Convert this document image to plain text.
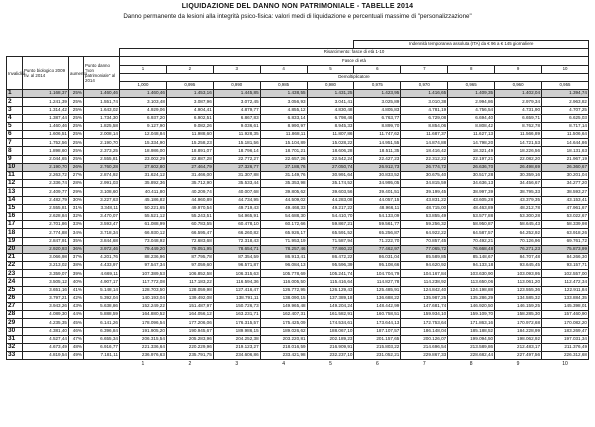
LIQUIDAZIONE DEL DANNO NON PATRIMONIALE - TABELLE 2014
Danno permanente da lesioni alla integrità psico-fisica: valori medi di liquidazione e percentuali massime di "personalizzazione"
									Indennità temporanea assoluta (ITA) da € 96 a € 145 giornaliere				
				Risarcimento: fasce di età 1-10									
Invalidità	Punto biologico 2009 riv. al 2014	aumento	Punto danno "non patrimoniale" al 2014	Fasce di età									
				1	2	3	4	5	6	7	8	9	10
				Demoltiplicatore									
				1,000	0,995	0,990	0,985	0,980	0,975	0,970	0,965	0,960	0,955
1	1.168,37	25%	1.460,46	1.460,46	1.453,16	1.445,85	1.438,55	1.431,25	1.423,95	1.416,65	1.409,35	1.402,04	1.394,74
2	1.241,39	25%	1.551,74	3.103,48	3.087,96	3.072,45	3.056,93	3.041,41	3.025,89	3.010,38	2.994,86	2.979,34	2.963,82
3	1.314,42	25%	1.643,02	4.929,06	4.904,41	4.879,77	4.855,12	4.830,48	4.805,83	4.781,19	4.756,54	4.731,90	4.707,25
4	1.387,44	25%	1.734,30	6.937,20	6.902,51	6.867,83	6.833,14	6.798,46	6.763,77	6.729,08	6.694,40	6.659,71	6.625,03
5	1.460,46	25%	1.825,58	9.127,90	9.082,26	9.036,61	8.990,97	8.945,33	8.899,70	8.854,06	8.808,42	8.762,78	8.717,14
6	1.606,51	25%	2.008,14	12.048,84	11.988,60	11.928,35	11.868,11	11.807,86	11.747,62	11.687,37	11.627,13	11.566,89	11.506,64
7	1.752,56	25%	2.190,70	15.334,90	15.258,23	15.181,56	15.104,89	15.028,22	14.951,55	14.874,88	14.798,20	14.721,53	14.644,86
8	1.898,60	25%	2.373,25	18.986,00	18.891,07	18.796,14	18.701,21	18.606,28	18.511,35	18.416,42	18.321,49	18.226,56	18.131,63
9	2.044,65	25%	2.555,81	23.002,29	22.887,28	22.772,27	22.657,26	22.542,24	22.427,23	22.312,22	22.197,21	22.082,20	21.967,19
10	2.190,70	26%	2.760,28	27.602,80	27.464,79	27.326,77	27.188,76	27.050,74	26.912,73	26.774,72	26.636,70	26.498,69	26.360,67
11	2.263,72	27%	2.874,92	31.624,12	31.466,00	31.307,88	31.149,76	30.991,64	30.833,52	30.675,40	30.517,28	30.359,16	30.201,04
12	2.336,74	28%	2.991,03	35.892,36	35.712,90	35.533,44	35.353,98	35.174,52	34.995,05	34.815,59	34.636,13	34.456,67	34.277,20
13	2.409,77	29%	3.108,60	40.411,80	40.209,74	40.007,68	39.805,62	39.603,56	39.401,51	39.199,45	38.997,39	38.795,33	38.593,27
14	2.482,79	30%	3.227,63	45.186,82	44.960,89	44.734,95	44.509,02	44.283,08	44.057,15	43.831,22	43.605,28	43.379,35	43.153,41
15	2.555,81	31%	3.348,11	50.221,65	49.970,54	49.719,43	49.468,33	49.217,22	48.966,11	48.715,00	48.463,89	48.212,78	47.961,67
16	2.628,84	32%	3.470,07	55.521,12	55.243,51	54.965,91	54.688,30	54.410,70	54.133,09	53.855,49	53.577,88	53.300,28	53.022,67
17	2.701,86	33%	3.593,47	61.088,99	60.783,55	60.478,10	60.172,66	59.867,21	59.561,77	59.256,32	58.950,87	58.645,43	58.339,98
18	2.774,88	34%	3.718,34	66.930,12	66.595,47	66.260,82	65.926,17	65.591,52	65.256,87	64.922,22	64.587,57	64.252,92	63.918,26
19	2.847,91	35%	3.844,68	73.048,92	72.683,68	72.318,43	71.953,19	71.587,94	71.222,70	70.857,45	70.492,21	70.126,96	69.761,72
20	2.920,93	36%	3.972,46	79.449,20	79.051,95	78.654,71	78.257,46	77.860,22	77.462,97	77.065,72	76.668,48	76.271,23	75.873,99
21	3.066,98	37%	4.201,76	88.236,96	87.795,78	87.354,59	86.913,41	86.472,22	86.031,04	85.589,85	85.148,67	84.707,48	84.266,30
22	3.213,02	38%	4.433,97	97.547,34	97.059,60	96.571,87	96.084,13	95.596,39	95.108,66	94.620,92	94.133,18	93.645,45	93.157,71
23	3.359,07	39%	4.669,11	107.389,53	106.852,58	106.315,63	105.778,69	105.241,74	104.704,79	104.167,84	103.630,90	103.093,95	102.557,00
24	3.505,12	40%	4.907,17	117.772,08	117.183,22	116.594,36	116.005,50	115.416,64	114.827,78	114.238,92	113.650,06	113.061,20	112.472,34
25	3.651,16	41%	5.148,14	128.703,50	128.059,98	127.416,47	126.772,95	126.129,43	125.485,91	124.842,40	124.198,88	123.555,36	122.911,84
26	3.797,21	42%	5.392,04	140.193,04	139.492,08	138.791,11	138.090,15	137.389,18	136.688,22	135.987,25	135.286,29	134.585,32	133.884,35
27	3.943,26	43%	5.638,86	152.249,22	151.487,97	150.726,73	149.965,48	149.204,24	148.442,99	147.681,74	146.920,50	146.159,25	145.398,01
28	4.089,30	44%	5.888,59	164.880,52	164.056,12	163.231,71	162.407,31	161.582,91	160.758,51	159.934,10	159.109,70	158.285,30	157.460,90
29	4.235,35	45%	6.141,26	178.096,54	177.206,06	176.315,57	175.425,09	174.534,61	173.644,13	172.753,64	171.863,16	170.972,68	170.082,20
30	4.381,40	46%	6.396,84	191.905,20	190.945,67	189.986,15	189.026,62	188.067,10	187.107,57	186.148,04	185.188,52	184.228,99	183.269,47
31	4.527,44	47%	6.655,34	206.315,54	205.283,96	204.252,38	203.220,81	202.189,23	201.157,65	200.126,07	199.094,50	198.062,92	197.031,34
32	4.673,49	48%	6.916,77	221.336,64	220.229,96	219.123,27	218.016,59	216.909,91	215.803,22	214.696,54	213.589,86	212.483,17	211.376,49
33	4.819,54	49%	7.181,11	236.976,63	235.791,75	234.606,86	233.421,98	232.237,10	231.052,21	229.867,33	228.682,44	227.497,56	226.312,68
				1	2	3	4	5	6	7	8	9	10
